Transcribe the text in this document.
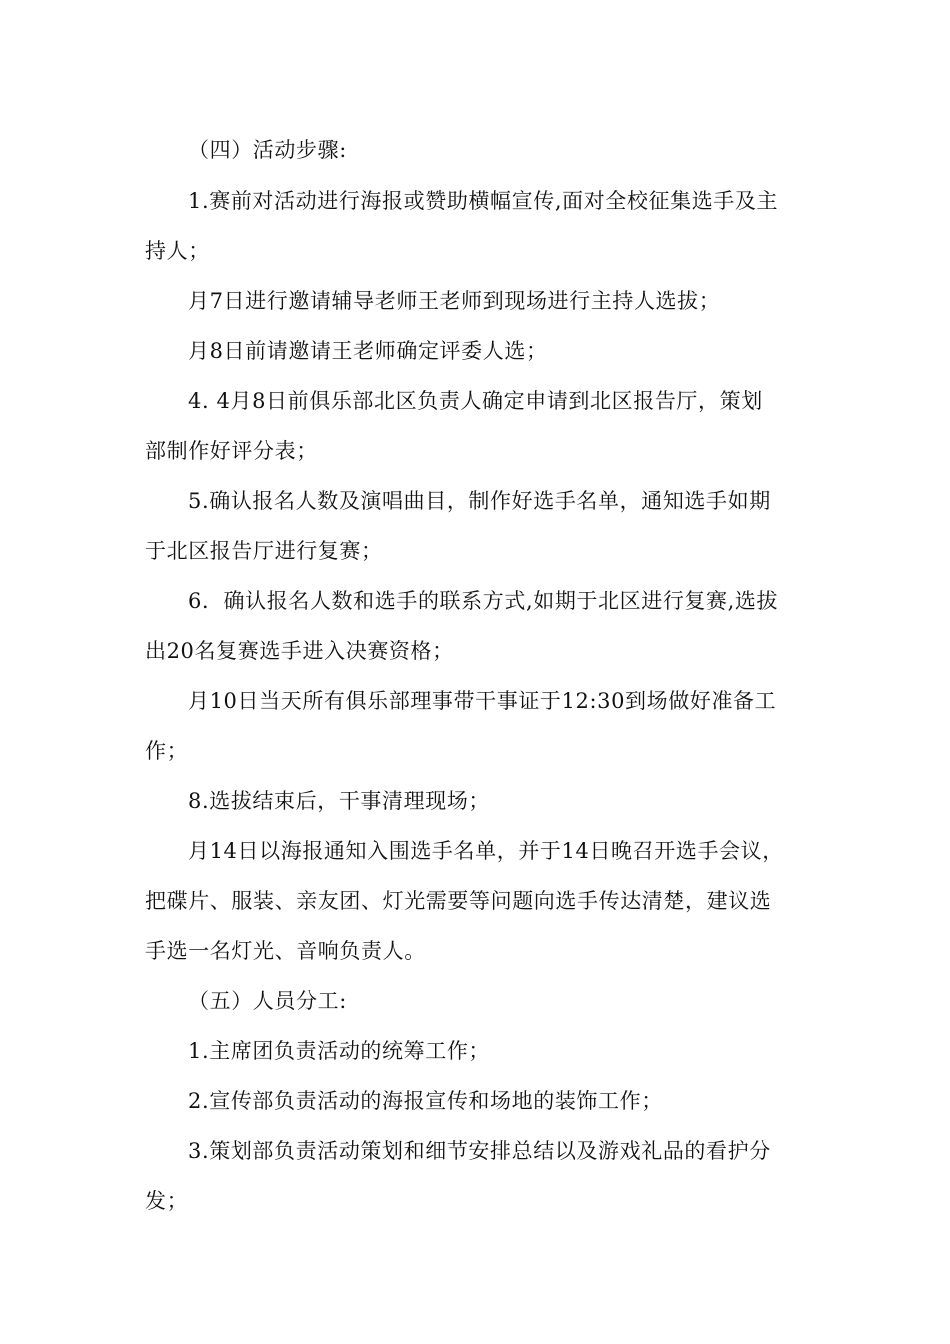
（四）活动步骤:
1.赛前对活动进行海报或赞助横幅宣传,面对全校征集选手及主
持人；
月7日进行邀请辅导老师王老师到现场进行主持人选拔；
月8日前请邀请王老师确定评委人选；
4. 4月8日前俱乐部北区负责人确定申请到北区报告厅，策划
部制作好评分表；
5.确认报名人数及演唱曲目，制作好选手名单，通知选手如期
于北区报告厅进行复赛；
6．确认报名人数和选手的联系方式,如期于北区进行复赛,选拔
出20名复赛选手进入决赛资格；
月10日当天所有俱乐部理事带干事证于12:30到场做好准备工
作；
8.选拔结束后，干事清理现场；
月14日以海报通知入围选手名单，并于14日晚召开选手会议，
把碟片、服装、亲友团、灯光需要等问题向选手传达清楚，建议选
手选一名灯光、音响负责人。
（五）人员分工:
1.主席团负责活动的统筹工作；
2.宣传部负责活动的海报宣传和场地的装饰工作；
3.策划部负责活动策划和细节安排总结以及游戏礼品的看护分
发；
